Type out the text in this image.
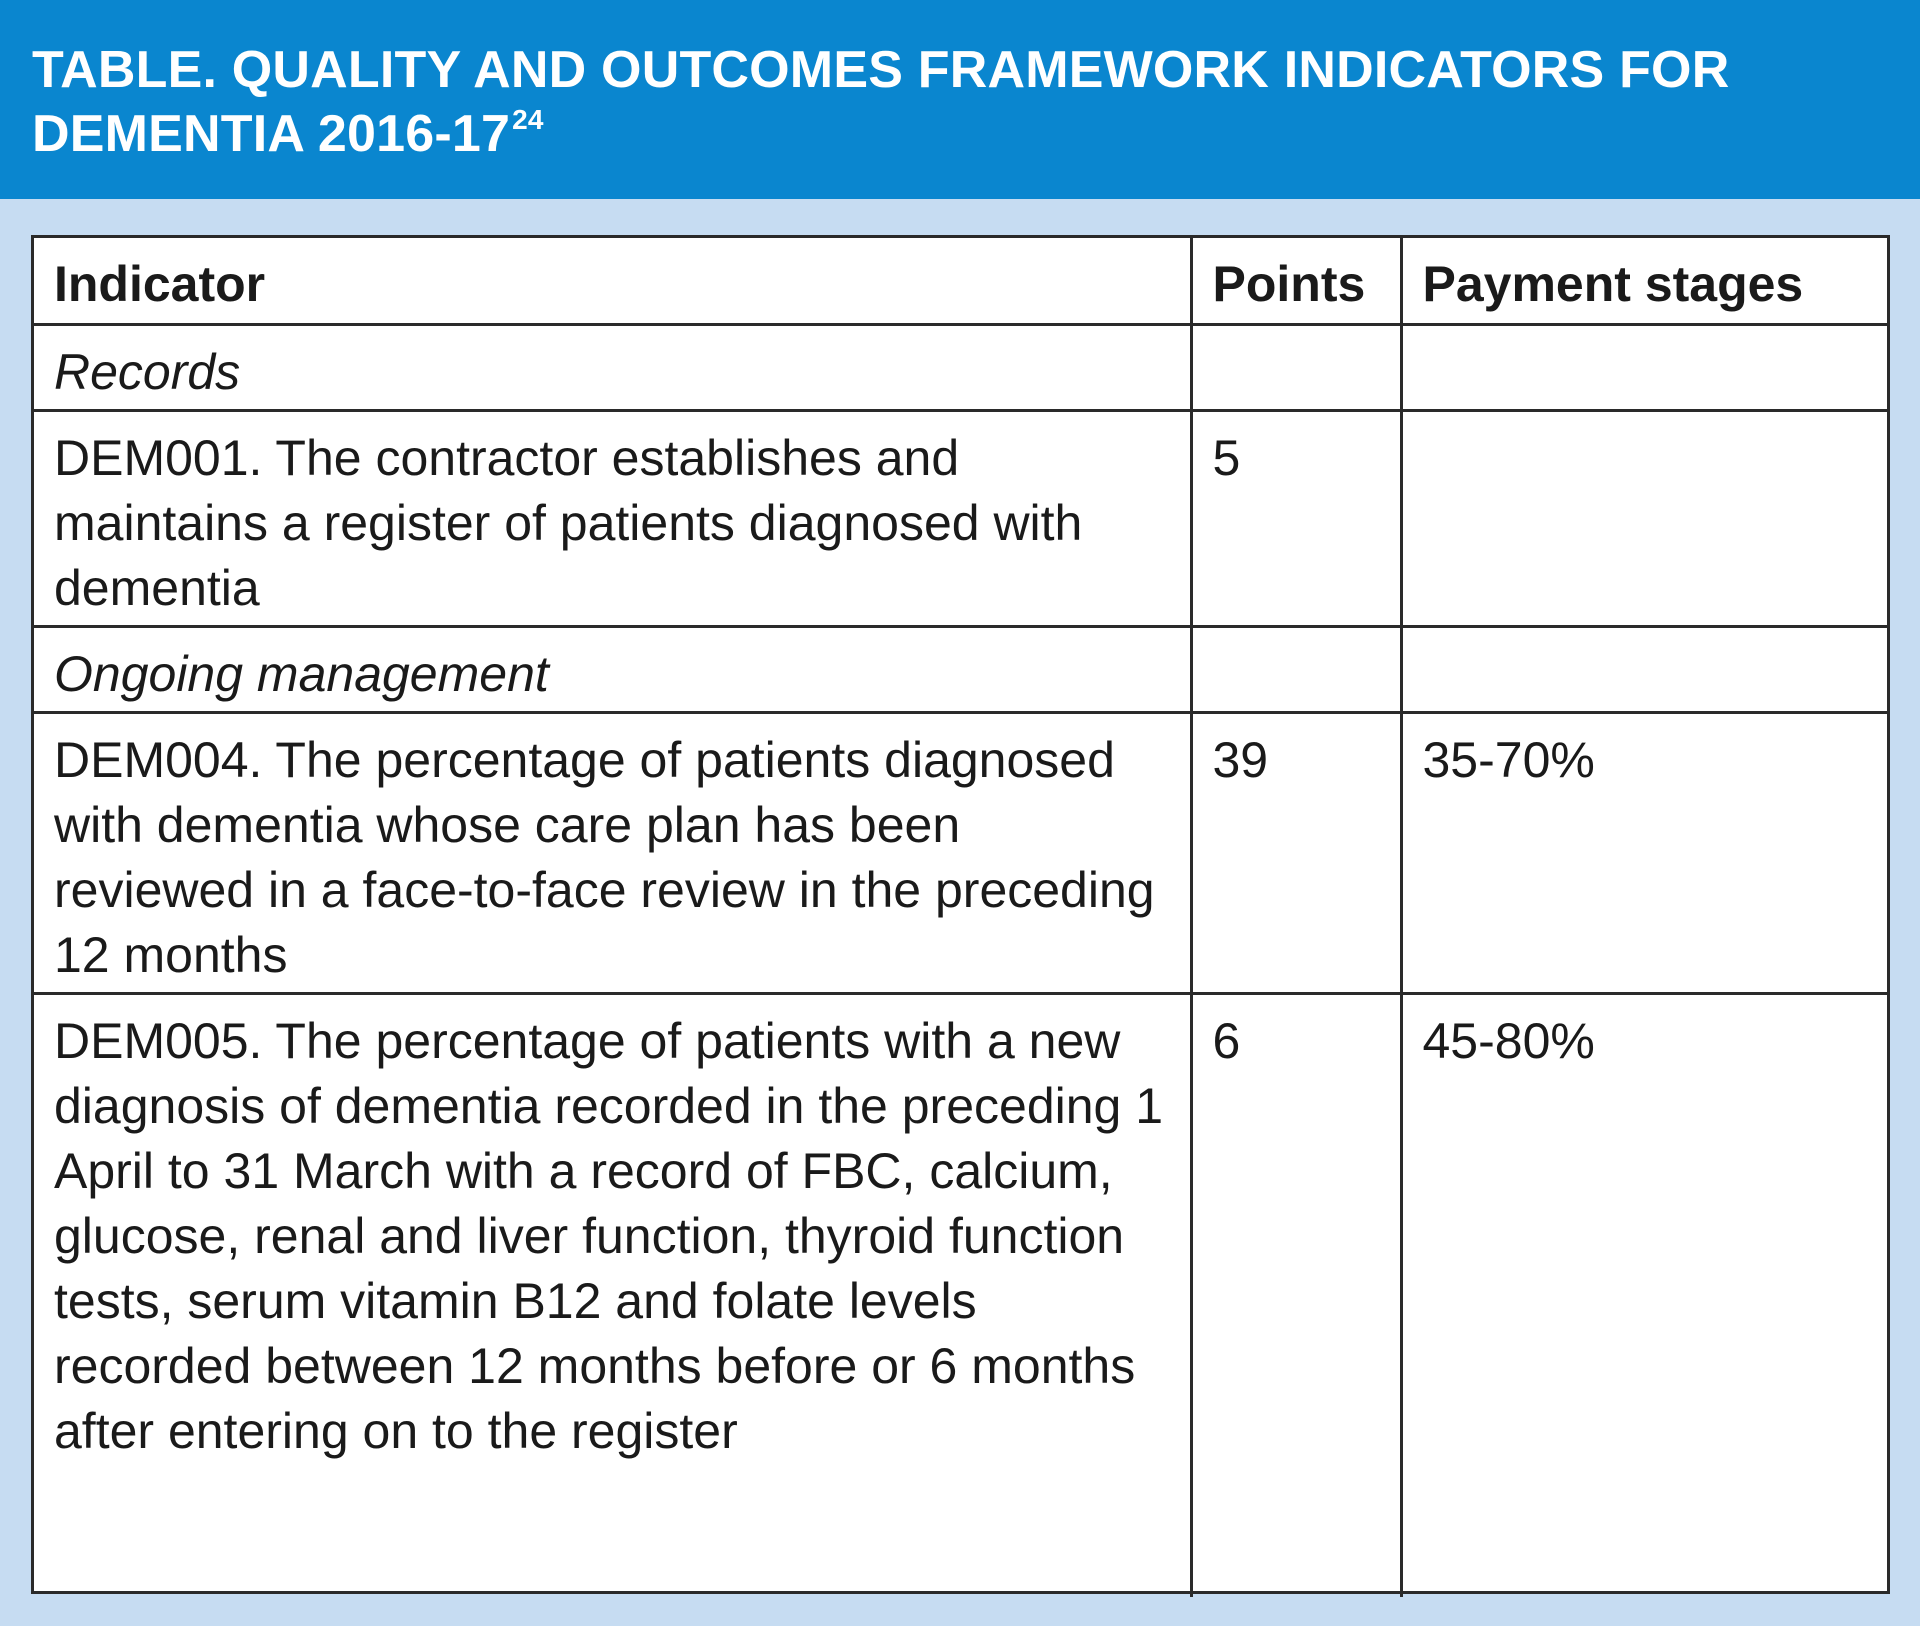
TABLE. QUALITY AND OUTCOMES FRAMEWORK INDICATORS FOR
DEMENTIA $2016-17^{24}$
Indicator	Points	Payment stages
Records		
DEM001. The contractor establishes and maintains a register of patients diagnosed with dementia	5	
Ongoing management		
DEM004. The percentage of patients diagnosed with dementia whose care plan has been reviewed in a face-to-face review in the preceding 12 months	39	35-70%
DEM005. The percentage of patients with a new diagnosis of dementia recorded in the preceding 1 April to 31 March with a record of FBC, calcium, glucose, renal and liver function, thyroid function tests, serum vitamin B12 and folate levels recorded between 12 months before or 6 months after entering on to the register	6	45-80%
